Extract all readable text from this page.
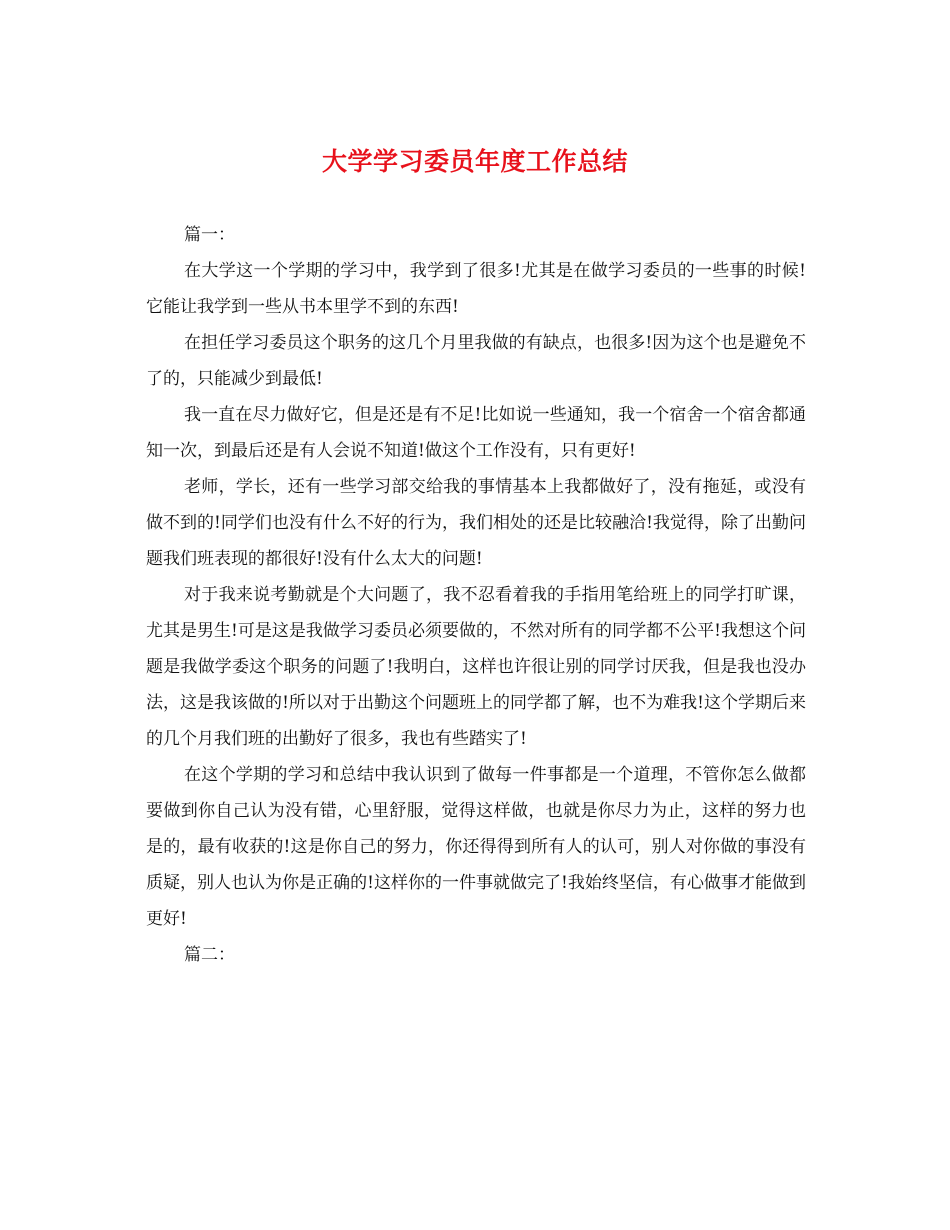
大学学习委员年度工作总结

篇一：

在大学这一个学期的学习中，我学到了很多!尤其是在做学习委员的一些事的时候!它能让我学到一些从书本里学不到的东西!

在担任学习委员这个职务的这几个月里我做的有缺点，也很多!因为这个也是避免不了的，只能减少到最低!

我一直在尽力做好它，但是还是有不足!比如说一些通知，我一个宿舍一个宿舍都通知一次，到最后还是有人会说不知道!做这个工作没有，只有更好!

老师，学长，还有一些学习部交给我的事情基本上我都做好了，没有拖延，或没有做不到的!同学们也没有什么不好的行为，我们相处的还是比较融洽!我觉得，除了出勤问题我们班表现的都很好!没有什么太大的问题!

对于我来说考勤就是个大问题了，我不忍看着我的手指用笔给班上的同学打旷课，尤其是男生!可是这是我做学习委员必须要做的，不然对所有的同学都不公平!我想这个问题是我做学委这个职务的问题了!我明白，这样也许很让别的同学讨厌我，但是我也没办法，这是我该做的!所以对于出勤这个问题班上的同学都了解，也不为难我!这个学期后来的几个月我们班的出勤好了很多，我也有些踏实了!

在这个学期的学习和总结中我认识到了做每一件事都是一个道理，不管你怎么做都要做到你自己认为没有错，心里舒服，觉得这样做，也就是你尽力为止，这样的努力也是的，最有收获的!这是你自己的努力，你还得得到所有人的认可，别人对你做的事没有质疑，别人也认为你是正确的!这样你的一件事就做完了!我始终坚信，有心做事才能做到更好!

篇二：
